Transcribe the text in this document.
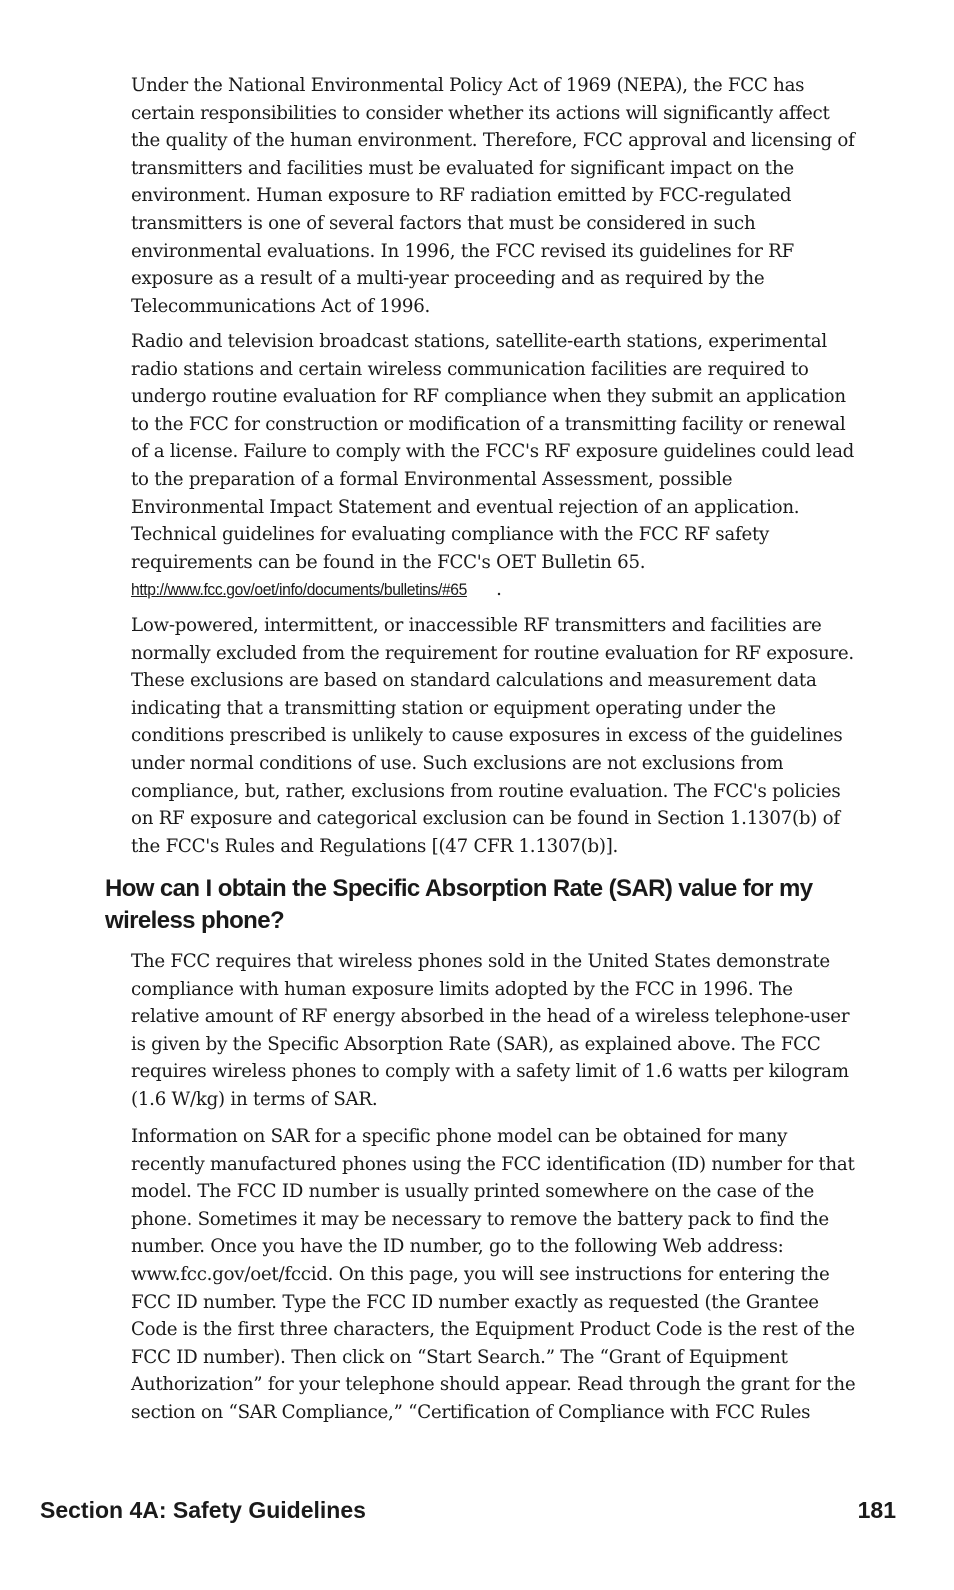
Under the National Environmental Policy Act of 1969 (NEPA), the FCC has certain responsibilities to consider whether its actions will significantly affect the quality of the human environment. Therefore, FCC approval and licensing of transmitters and facilities must be evaluated for significant impact on the environment. Human exposure to RF radiation emitted by FCC-regulated transmitters is one of several factors that must be considered in such environmental evaluations. In 1996, the FCC revised its guidelines for RF exposure as a result of a multi-year proceeding and as required by the Telecommunications Act of 1996.

Radio and television broadcast stations, satellite-earth stations, experimental radio stations and certain wireless communication facilities are required to undergo routine evaluation for RF compliance when they submit an application to the FCC for construction or modification of a transmitting facility or renewal of a license. Failure to comply with the FCC's RF exposure guidelines could lead to the preparation of a formal Environmental Assessment, possible Environmental Impact Statement and eventual rejection of an application. Technical guidelines for evaluating compliance with the FCC RF safety requirements can be found in the FCC's OET Bulletin 65.
http://www.fcc.gov/oet/info/documents/bulletins/#65 .

Low-powered, intermittent, or inaccessible RF transmitters and facilities are normally excluded from the requirement for routine evaluation for RF exposure. These exclusions are based on standard calculations and measurement data indicating that a transmitting station or equipment operating under the conditions prescribed is unlikely to cause exposures in excess of the guidelines under normal conditions of use. Such exclusions are not exclusions from compliance, but, rather, exclusions from routine evaluation. The FCC's policies on RF exposure and categorical exclusion can be found in Section 1.1307(b) of the FCC's Rules and Regulations [(47 CFR 1.1307(b)].

How can I obtain the Specific Absorption Rate (SAR) value for my wireless phone?

The FCC requires that wireless phones sold in the United States demonstrate compliance with human exposure limits adopted by the FCC in 1996. The relative amount of RF energy absorbed in the head of a wireless telephone-user is given by the Specific Absorption Rate (SAR), as explained above. The FCC requires wireless phones to comply with a safety limit of 1.6 watts per kilogram (1.6 W/kg) in terms of SAR.

Information on SAR for a specific phone model can be obtained for many recently manufactured phones using the FCC identification (ID) number for that model. The FCC ID number is usually printed somewhere on the case of the phone. Sometimes it may be necessary to remove the battery pack to find the number. Once you have the ID number, go to the following Web address: www.fcc.gov/oet/fccid. On this page, you will see instructions for entering the FCC ID number. Type the FCC ID number exactly as requested (the Grantee Code is the first three characters, the Equipment Product Code is the rest of the FCC ID number). Then click on “Start Search.” The “Grant of Equipment Authorization” for your telephone should appear. Read through the grant for the section on “SAR Compliance,” “Certification of Compliance with FCC Rules

Section 4A: Safety Guidelines	181
